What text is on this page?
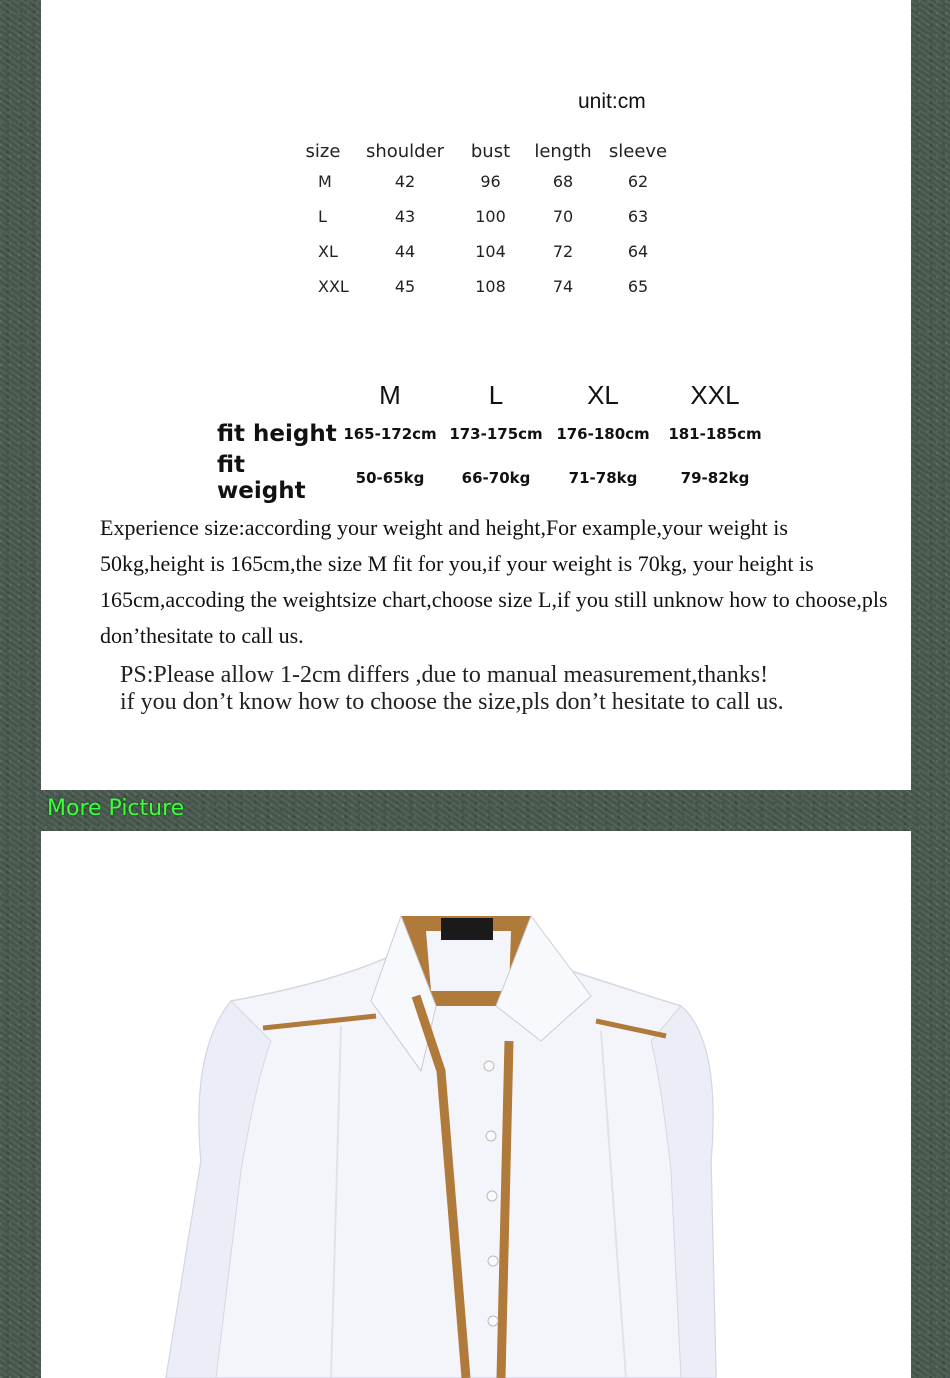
unit:cm
size	shoulder	bust	length	sleeve
M	42	96	68	62
L	43	100	70	63
XL	44	104	72	64
XXL	45	108	74	65
	M	L	XL	XXL
fit height	165-172cm	173-175cm	176-180cm	181-185cm
fit weight	50-65kg	66-70kg	71-78kg	79-82kg
Experience size:according your weight and height,For example,your weight is 50kg,height is 165cm,the size M fit for you,if your weight is 70kg, your height is 165cm,accoding the weightsize chart,choose size L,if you still unknow how to choose,pls don’thesitate to call us.
PS:Please allow 1-2cm differs ,due to manual measurement,thanks!
if you don’t know how to choose the size,pls don’t hesitate to call us.
More Picture
